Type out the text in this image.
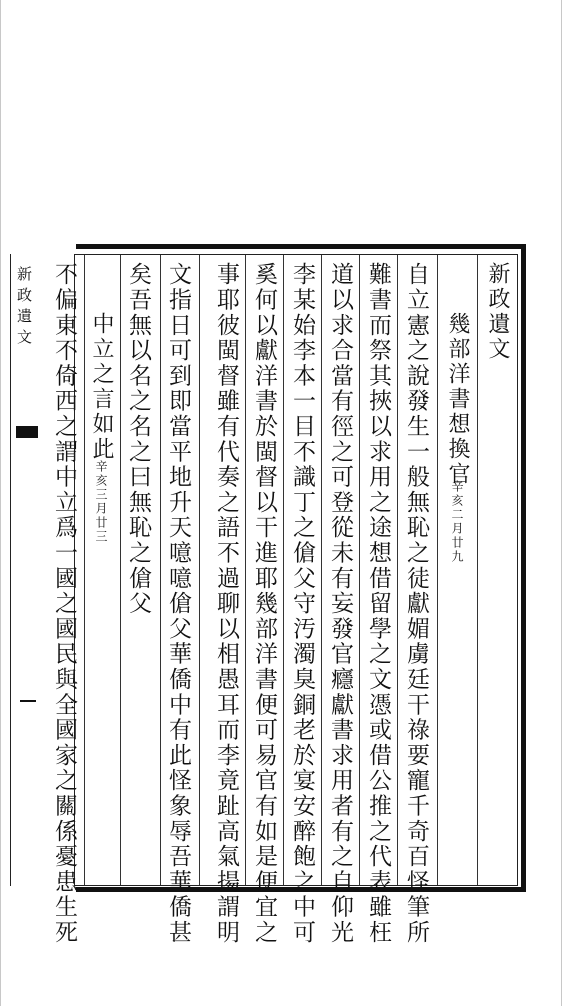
新政遺文	新政遺文
幾部洋書想換官
辛亥二月廿九
自立憲之說發生一般無恥之徒獻媚虜廷干祿要寵千奇百怪筆所
難書而祭其挾以求用之途想借留學之文憑或借公推之代表雖枉
道以求合當有徑之可登從未有妄發官癮獻書求用者有之自仰光
李某始李本一目不識丁之傖父守汚濁臭銅老於宴安醉飽之中可
奚何以獻洋書於閩督以干進耶幾部洋書便可易官有如是便宜之
事耶彼閩督雖有代奏之語不過聊以相愚耳而李竟趾高氣揚謂明
文指日可到即當平地升天噫噫傖父華僑中有此怪象辱吾華僑甚
矣吾無以名之名之曰無恥之傖父
中立之言如此
辛亥三月廿三
不偏東不倚西之謂中立爲一國之國民與全國家之關係憂患生死
